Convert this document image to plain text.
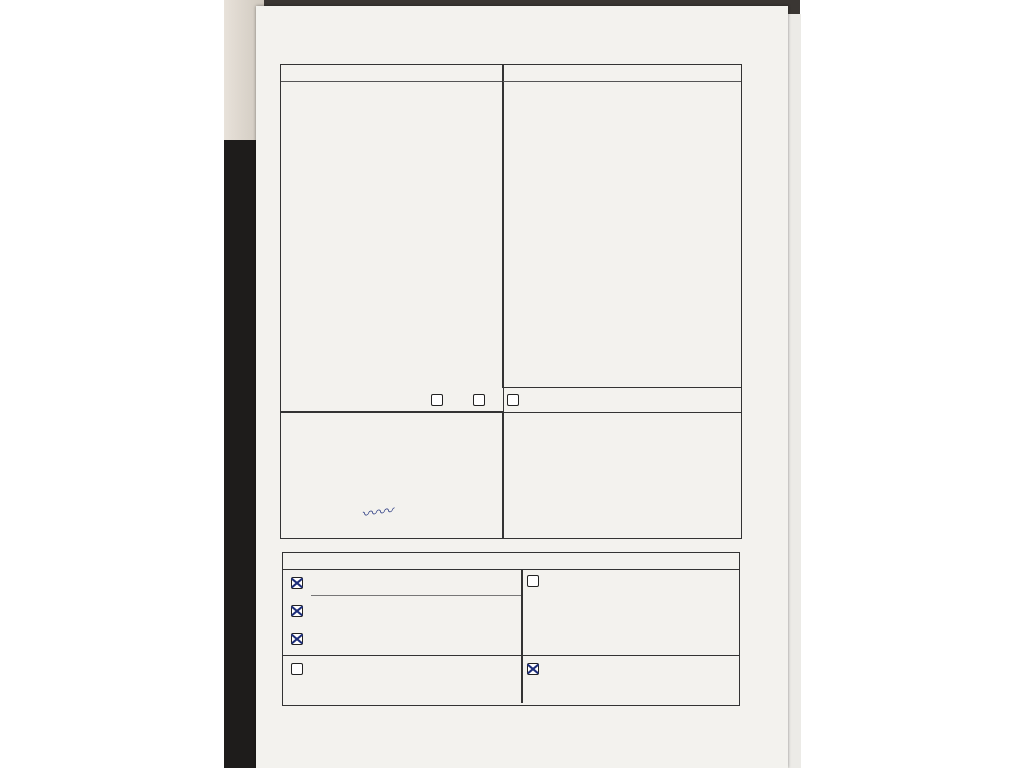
〰〰
